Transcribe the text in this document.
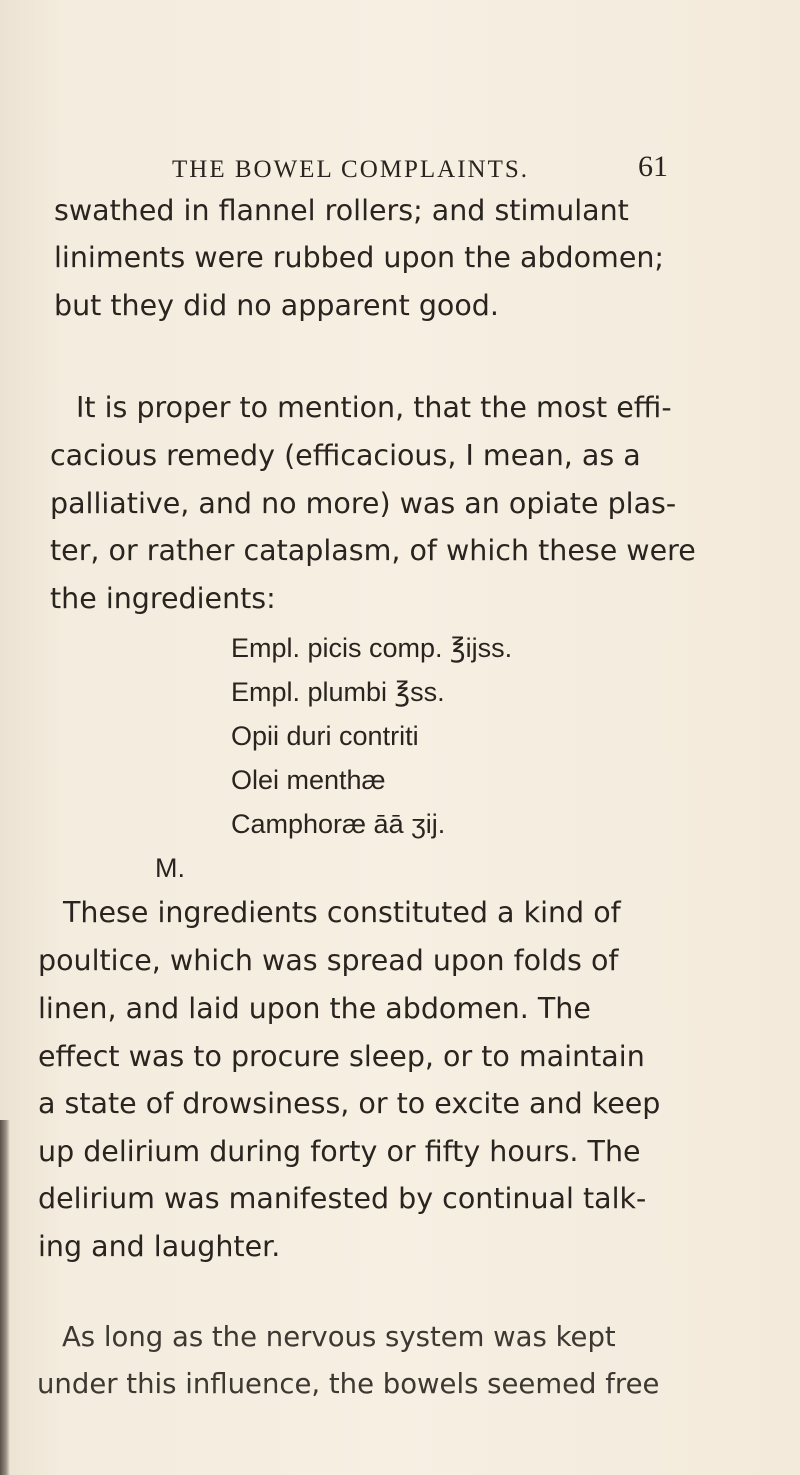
THE BOWEL COMPLAINTS.	61
swathed in flannel rollers; and stimulant
liniments were rubbed upon the abdomen;
but they did no apparent good.
It is proper to mention, that the most effi-
cacious remedy (efficacious, I mean, as a
palliative, and no more) was an opiate plas-
ter, or rather cataplasm, of which these were
the ingredients:
Empl. picis comp. ℥ijss.
Empl. plumbi ℥ss.
Opii duri contriti
Olei menthæ
Camphoræ āā ʒij.
M.
These ingredients constituted a kind of
poultice, which was spread upon folds of
linen, and laid upon the abdomen. The
effect was to procure sleep, or to maintain
a state of drowsiness, or to excite and keep
up delirium during forty or fifty hours. The
delirium was manifested by continual talk-
ing and laughter.
As long as the nervous system was kept
under this influence, the bowels seemed free
